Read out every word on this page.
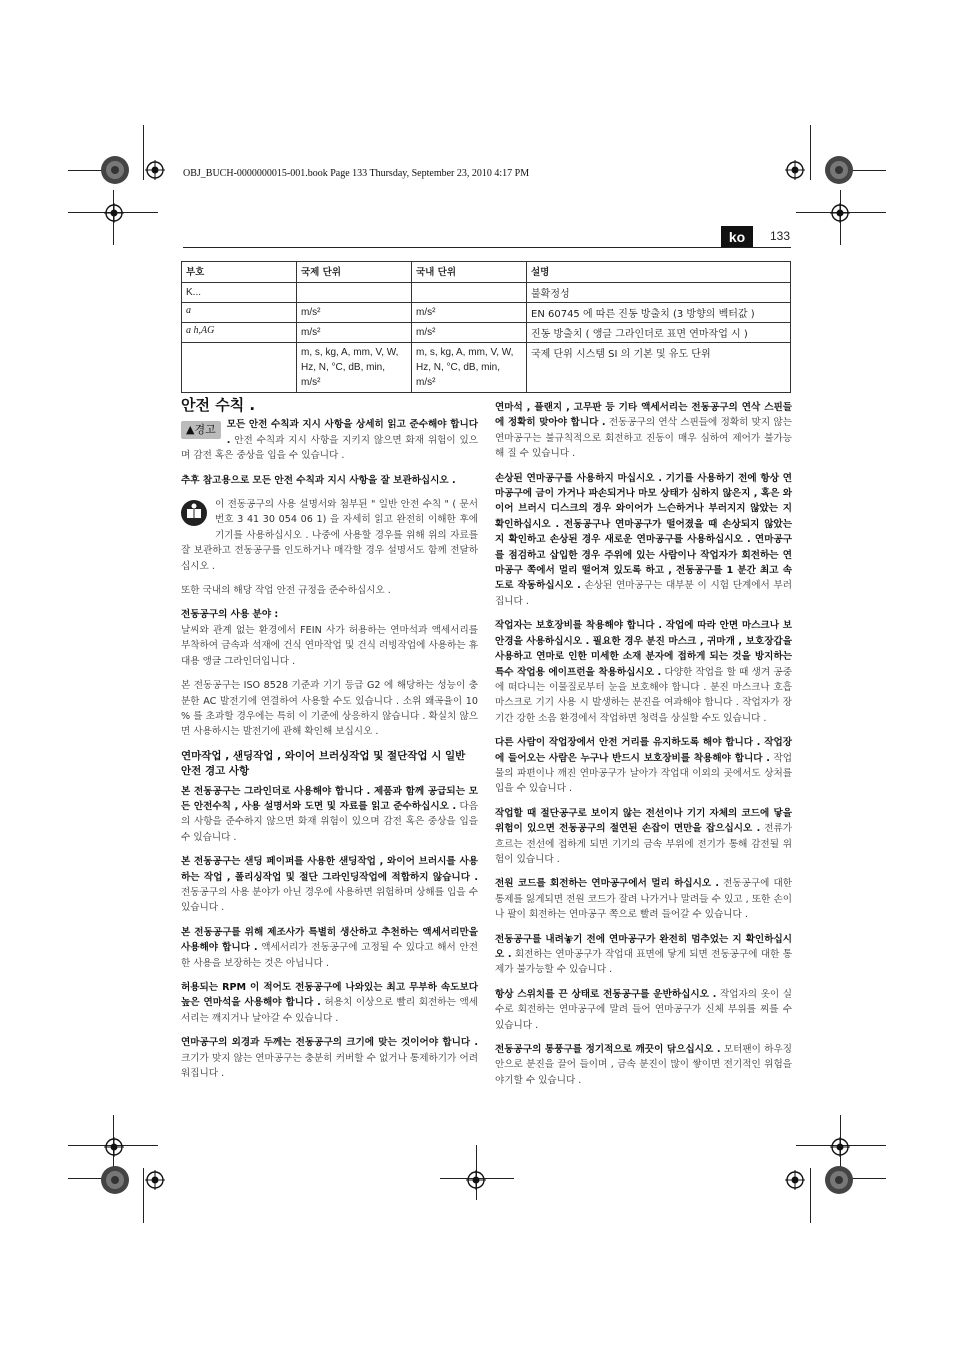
OBJ_BUCH-0000000015-001.book Page 133 Thursday, September 23, 2010 4:17 PM
ko	133
부호	국제 단위	국내 단위	설명
K...			불확정성
a	m/s²	m/s²	EN 60745 에 따른 진동 방출치 (3 방향의 벡터값 )
a h,AG	m/s²	m/s²	진동 방출치 ( 앵글 그라인더로 표면 연마작업 시 )
	m, s, kg, A, mm, V, W, Hz, N, °C, dB, min, m/s²	m, s, kg, A, mm, V, W, Hz, N, °C, dB, min, m/s²	국제 단위 시스템 SI 의 기본 및 유도 단위
안전 수칙 .

▲경고	모든 안전 수칙과 지시 사항을 상세히 읽고 준수해야 합니다 . 안전 수칙과 지시 사항을 지키지 않으면 화재 위험이 있으며 감전 혹은 중상을 입을 수 있습니다 .

추후 참고용으로 모든 안전 수칙과 지시 사항을 잘 보관하십시오 .

이 전동공구의 사용 설명서와 첨부된 " 일반 안전 수칙 " ( 문서 번호 3 41 30 054 06 1) 을 자세히 읽고 완전히 이해한 후에 기기를 사용하십시오 . 나중에 사용할 경우를 위해 위의 자료를 잘 보관하고 전동공구를 인도하거나 매각할 경우 설명서도 함께 전달하십시오 .

또한 국내의 해당 작업 안전 규정을 준수하십시오 .

전동공구의 사용 분야 :

날씨와 관계 없는 환경에서 FEIN 사가 허용하는 연마석과 액세서리를 부착하여 금속과 석재에 건식 연마작업 및 건식 러빙작업에 사용하는 휴대용 앵글 그라인더입니다 .

본 전동공구는 ISO 8528 기준과 기기 등급 G2 에 해당하는 성능이 충분한 AC 발전기에 연결하여 사용할 수도 있습니다 . 소위 왜곡율이 10 % 를 초과할 경우에는 특히 이 기준에 상응하지 않습니다 . 확실치 않으면 사용하시는 발전기에 관해 확인해 보십시오 .

연마작업 , 샌딩작업 , 와이어 브러싱작업 및 절단작업 시 일반 안전 경고 사항

본 전동공구는 그라인더로 사용해야 합니다 . 제품과 함께 공급되는 모든 안전수칙 , 사용 설명서와 도면 및 자료를 읽고 준수하십시오 . 다음의 사항을 준수하지 않으면 화재 위험이 있으며 감전 혹은 중상을 입을 수 있습니다 .

본 전동공구는 샌딩 페이퍼를 사용한 샌딩작업 , 와이어 브러시를 사용하는 작업 , 폴리싱작업 및 절단 그라인딩작업에 적합하지 않습니다 . 전동공구의 사용 분야가 아닌 경우에 사용하면 위험하며 상해를 입을 수 있습니다 .

본 전동공구를 위해 제조사가 특별히 생산하고 추천하는 액세서리만을 사용해야 합니다 . 액세서리가 전동공구에 고정될 수 있다고 해서 안전한 사용을 보장하는 것은 아닙니다 .

허용되는 RPM 이 적어도 전동공구에 나와있는 최고 무부하 속도보다 높은 연마석을 사용해야 합니다 . 허용치 이상으로 빨리 회전하는 액세서리는 깨지거나 날아갈 수 있습니다 .

연마공구의 외경과 두께는 전동공구의 크기에 맞는 것이어야 합니다 . 크기가 맞지 않는 연마공구는 충분히 커버할 수 없거나 통제하기가 어려워집니다 .

연마석 , 플랜지 , 고무판 등 기타 액세서리는 전동공구의 연삭 스핀들에 정확히 맞아야 합니다 . 전동공구의 연삭 스핀들에 정확히 맞지 않는 연마공구는 불규칙적으로 회전하고 진동이 매우 심하여 제어가 불가능해 질 수 있습니다 .

손상된 연마공구를 사용하지 마십시오 . 기기를 사용하기 전에 항상 연마공구에 금이 가거나 파손되거나 마모 상태가 심하지 않은지 , 혹은 와이어 브러시 디스크의 경우 와이어가 느슨하거나 부러지지 않았는 지 확인하십시오 . 전동공구나 연마공구가 떨어졌을 때 손상되지 않았는 지 확인하고 손상된 경우 새로운 연마공구를 사용하십시오 . 연마공구를 점검하고 삽입한 경우 주위에 있는 사람이나 작업자가 회전하는 연마공구 쪽에서 멀리 떨어져 있도록 하고 , 전동공구를 1 분간 최고 속도로 작동하십시오 . 손상된 연마공구는 대부분 이 시험 단계에서 부러집니다 .

작업자는 보호장비를 착용해야 합니다 . 작업에 따라 안면 마스크나 보안경을 사용하십시오 . 필요한 경우 분진 마스크 , 귀마개 , 보호장갑을 사용하고 연마로 인한 미세한 소재 분자에 접하게 되는 것을 방지하는 특수 작업용 에이프런을 착용하십시오 . 다양한 작업을 할 때 생겨 공중에 떠다니는 이물질로부터 눈을 보호해야 합니다 . 분진 마스크나 호흡 마스크로 기기 사용 시 발생하는 분진을 여과해야 합니다 . 작업자가 장기간 강한 소음 환경에서 작업하면 청력을 상실할 수도 있습니다 .

다른 사람이 작업장에서 안전 거리를 유지하도록 해야 합니다 . 작업장에 들어오는 사람은 누구나 반드시 보호장비를 착용해야 합니다 . 작업물의 파편이나 깨진 연마공구가 날아가 작업대 이외의 곳에서도 상처를 입을 수 있습니다 .

작업할 때 절단공구로 보이지 않는 전선이나 기기 자체의 코드에 닿을 위험이 있으면 전동공구의 절연된 손잡이 면만을 잡으십시오 . 전류가 흐르는 전선에 접하게 되면 기기의 금속 부위에 전기가 통해 감전될 위험이 있습니다 .

전원 코드를 회전하는 연마공구에서 멀리 하십시오 . 전동공구에 대한 통제를 잃게되면 전원 코드가 잘려 나가거나 말려들 수 있고 , 또한 손이나 팔이 회전하는 연마공구 쪽으로 빨려 들어갈 수 있습니다 .

전동공구를 내려놓기 전에 연마공구가 완전히 멈추었는 지 확인하십시오 . 회전하는 연마공구가 작업대 표면에 닿게 되면 전동공구에 대한 통제가 불가능할 수 있습니다 .

항상 스위치를 끈 상태로 전동공구를 운반하십시오 . 작업자의 옷이 실수로 회전하는 연마공구에 말려 들어 연마공구가 신체 부위를 찌를 수 있습니다 .

전동공구의 통풍구를 정기적으로 깨끗이 닦으십시오 . 모터팬이 하우징 안으로 분진을 끌어 들이며 , 금속 분진이 많이 쌓이면 전기적인 위험을 야기할 수 있습니다 .
